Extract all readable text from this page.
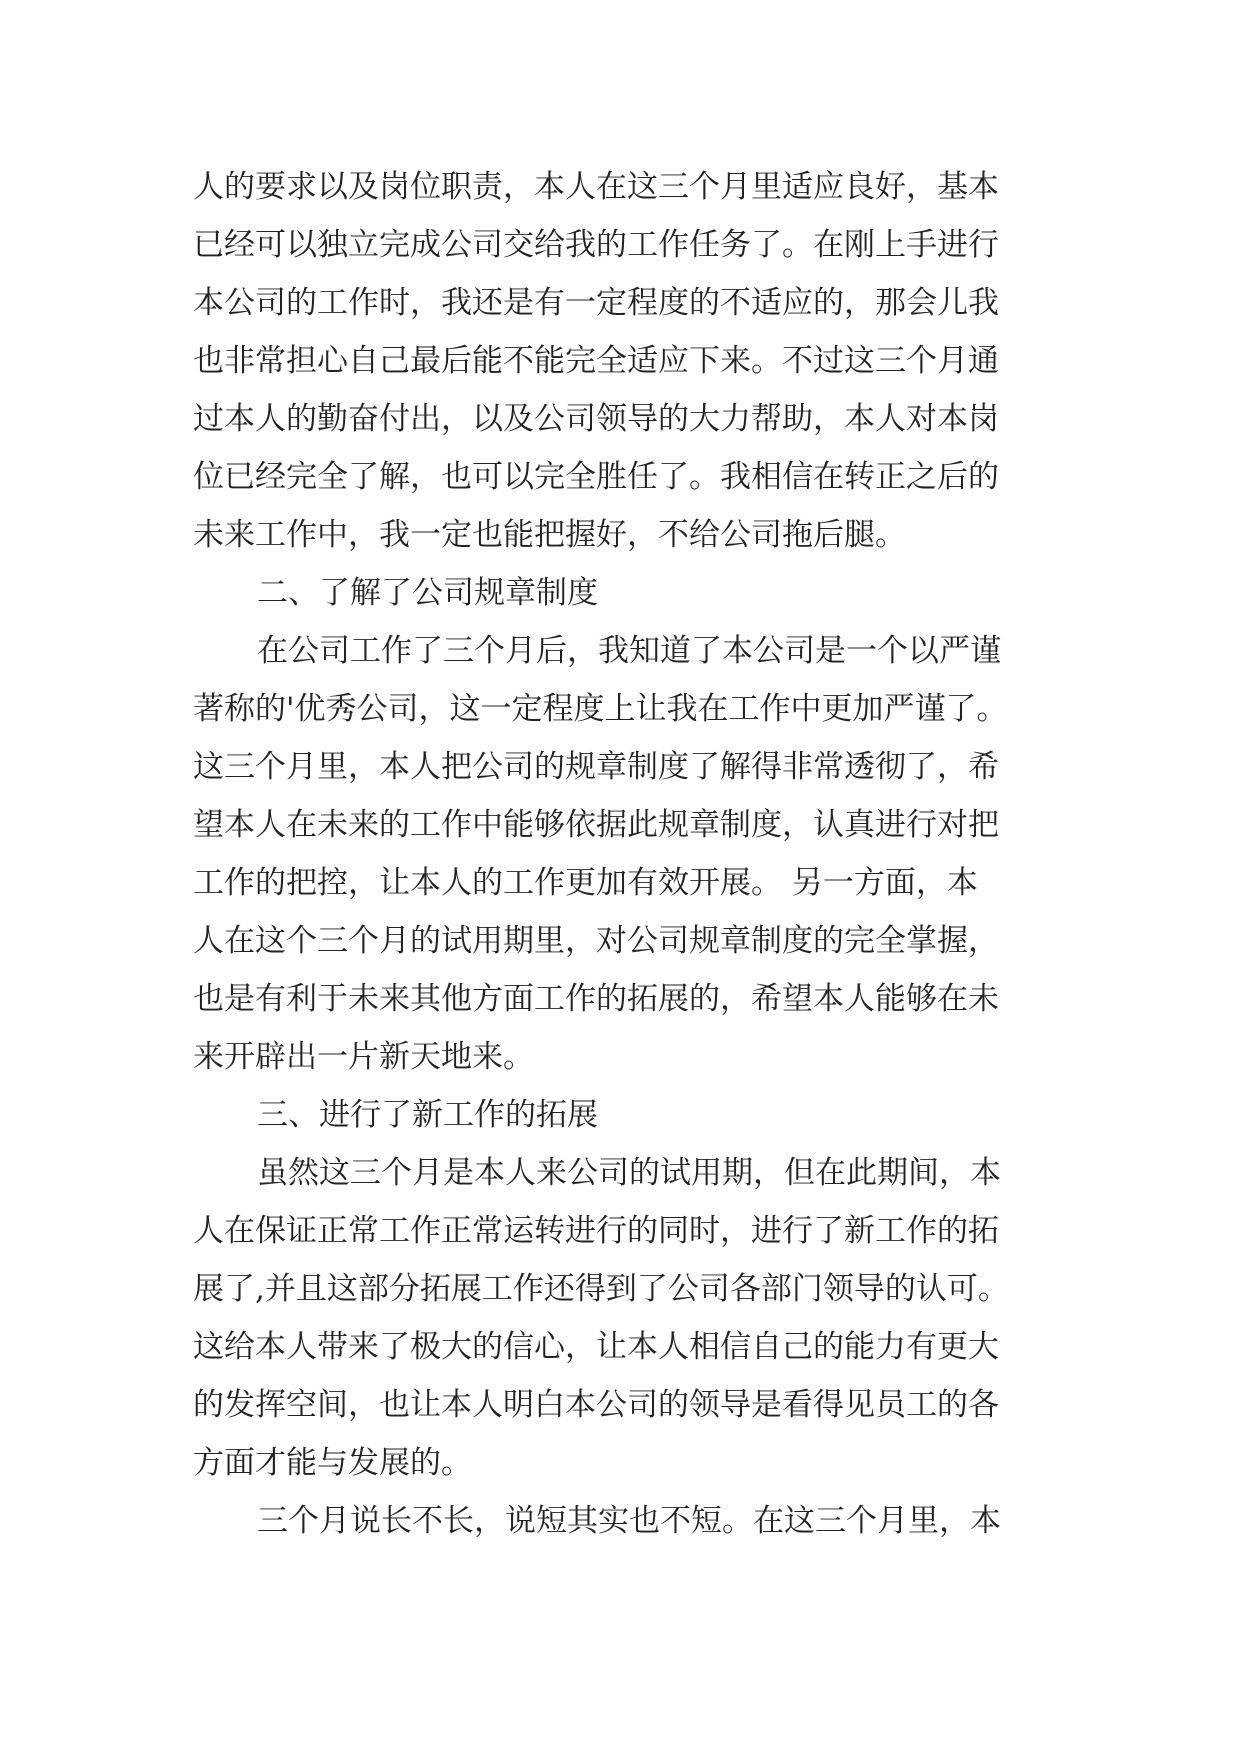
人的要求以及岗位职责，本人在这三个月里适应良好，基本

已经可以独立完成公司交给我的工作任务了。在刚上手进行

本公司的工作时，我还是有一定程度的不适应的，那会儿我

也非常担心自己最后能不能完全适应下来。不过这三个月通

过本人的勤奋付出，以及公司领导的大力帮助，本人对本岗

位已经完全了解，也可以完全胜任了。我相信在转正之后的

未来工作中，我一定也能把握好，不给公司拖后腿。

二、了解了公司规章制度

在公司工作了三个月后，我知道了本公司是一个以严谨

著称的'优秀公司，这一定程度上让我在工作中更加严谨了。

这三个月里，本人把公司的规章制度了解得非常透彻了，希

望本人在未来的工作中能够依据此规章制度，认真进行对把

工作的把控，让本人的工作更加有效开展。 另一方面，本

人在这个三个月的试用期里，对公司规章制度的完全掌握，

也是有利于未来其他方面工作的拓展的，希望本人能够在未

来开辟出一片新天地来。

三、进行了新工作的拓展

虽然这三个月是本人来公司的试用期，但在此期间，本

人在保证正常工作正常运转进行的同时，进行了新工作的拓

展了,并且这部分拓展工作还得到了公司各部门领导的认可。

这给本人带来了极大的信心，让本人相信自己的能力有更大

的发挥空间，也让本人明白本公司的领导是看得见员工的各

方面才能与发展的。

三个月说长不长，说短其实也不短。在这三个月里，本
